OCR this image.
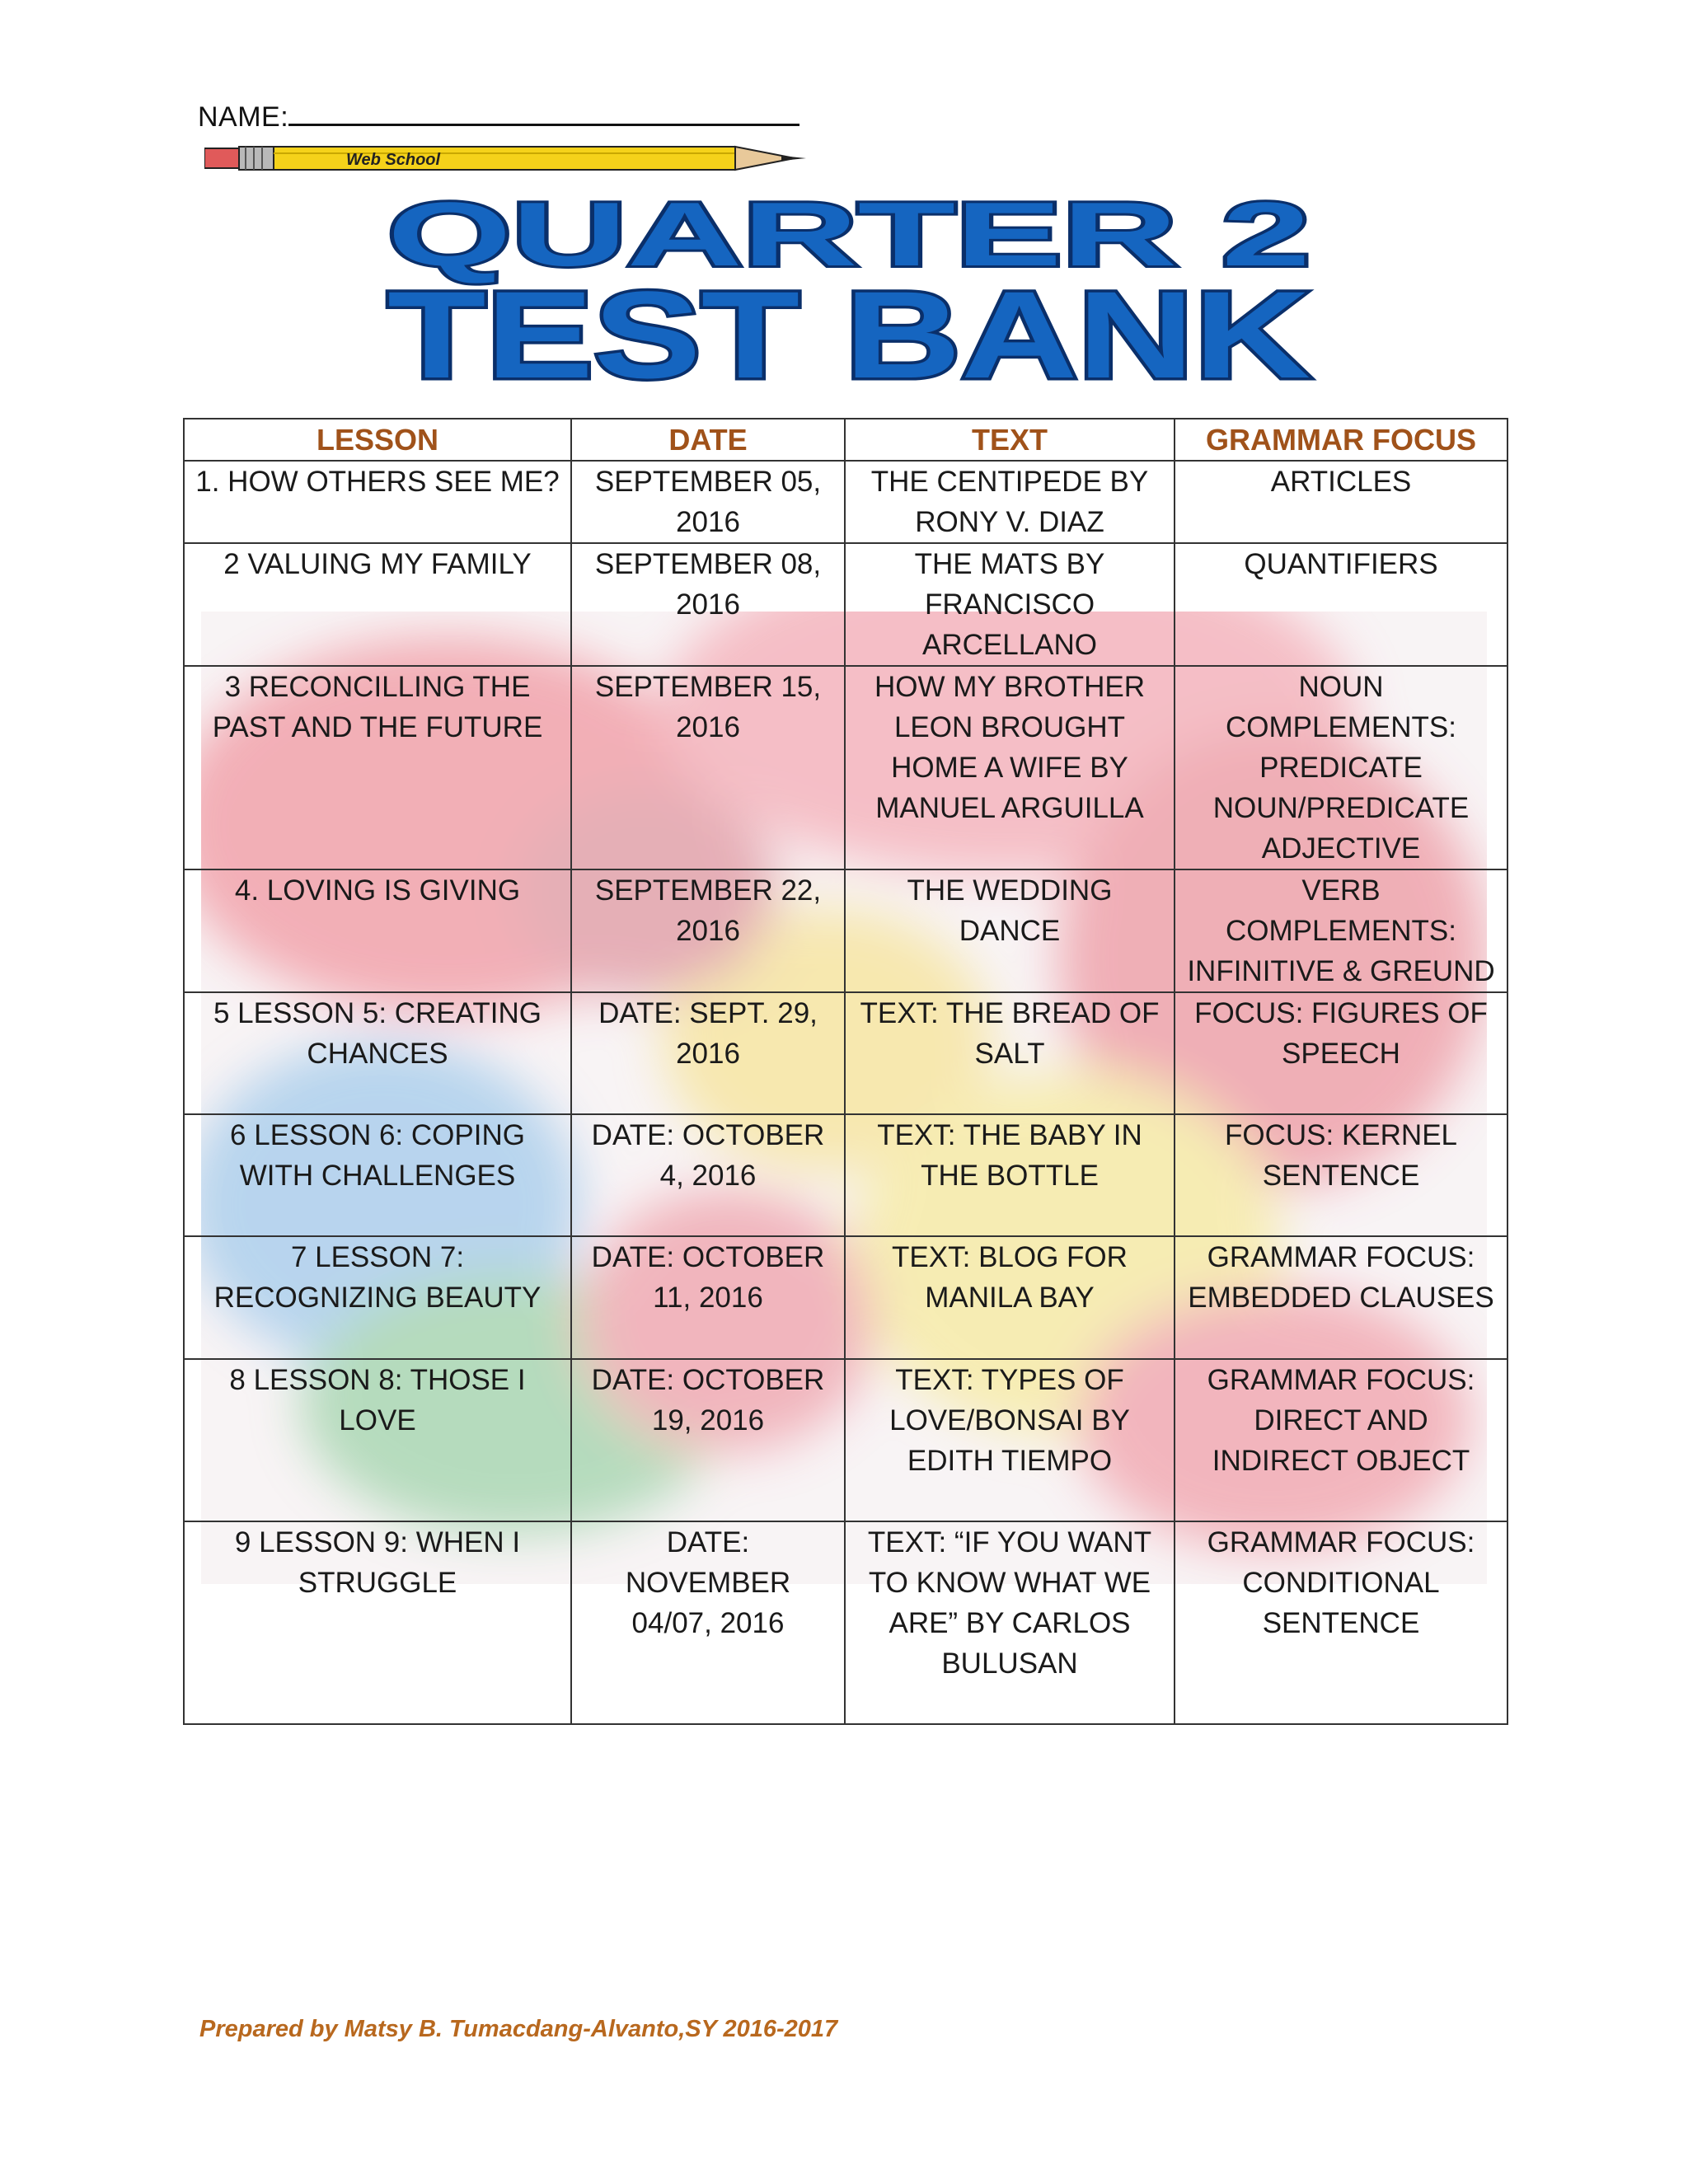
NAME:
Web School
QUARTER 2
TEST BANK
LESSON	DATE	TEXT	GRAMMAR FOCUS
1. HOW OTHERS SEE ME?	SEPTEMBER 05, 2016	THE CENTIPEDE BY RONY V. DIAZ	ARTICLES
2 VALUING MY FAMILY	SEPTEMBER 08, 2016	THE MATS BY FRANCISCO ARCELLANO	QUANTIFIERS
3 RECONCILLING THE PAST AND THE FUTURE	SEPTEMBER 15, 2016	HOW MY BROTHER LEON BROUGHT HOME A WIFE BY MANUEL ARGUILLA	NOUN COMPLEMENTS: PREDICATE NOUN/PREDICATE ADJECTIVE
4. LOVING IS GIVING	SEPTEMBER 22, 2016	THE WEDDING DANCE	VERB COMPLEMENTS: INFINITIVE & GREUND
5 LESSON 5: CREATING CHANCES	DATE: SEPT. 29, 2016	TEXT: THE BREAD OF SALT	FOCUS: FIGURES OF SPEECH
6 LESSON 6: COPING WITH CHALLENGES	DATE: OCTOBER 4, 2016	TEXT: THE BABY IN THE BOTTLE	FOCUS: KERNEL SENTENCE
7 LESSON 7: RECOGNIZING BEAUTY	DATE: OCTOBER 11, 2016	TEXT: BLOG FOR MANILA BAY	GRAMMAR FOCUS: EMBEDDED CLAUSES
8 LESSON 8: THOSE I LOVE	DATE: OCTOBER 19, 2016	TEXT: TYPES OF LOVE/BONSAI BY EDITH TIEMPO	GRAMMAR FOCUS: DIRECT AND INDIRECT OBJECT
9 LESSON 9: WHEN I STRUGGLE	DATE: NOVEMBER 04/07, 2016	TEXT: “IF YOU WANT TO KNOW WHAT WE ARE” BY CARLOS BULUSAN	GRAMMAR FOCUS: CONDITIONAL SENTENCE
Prepared by Matsy B. Tumacdang-Alvanto,SY 2016-2017
